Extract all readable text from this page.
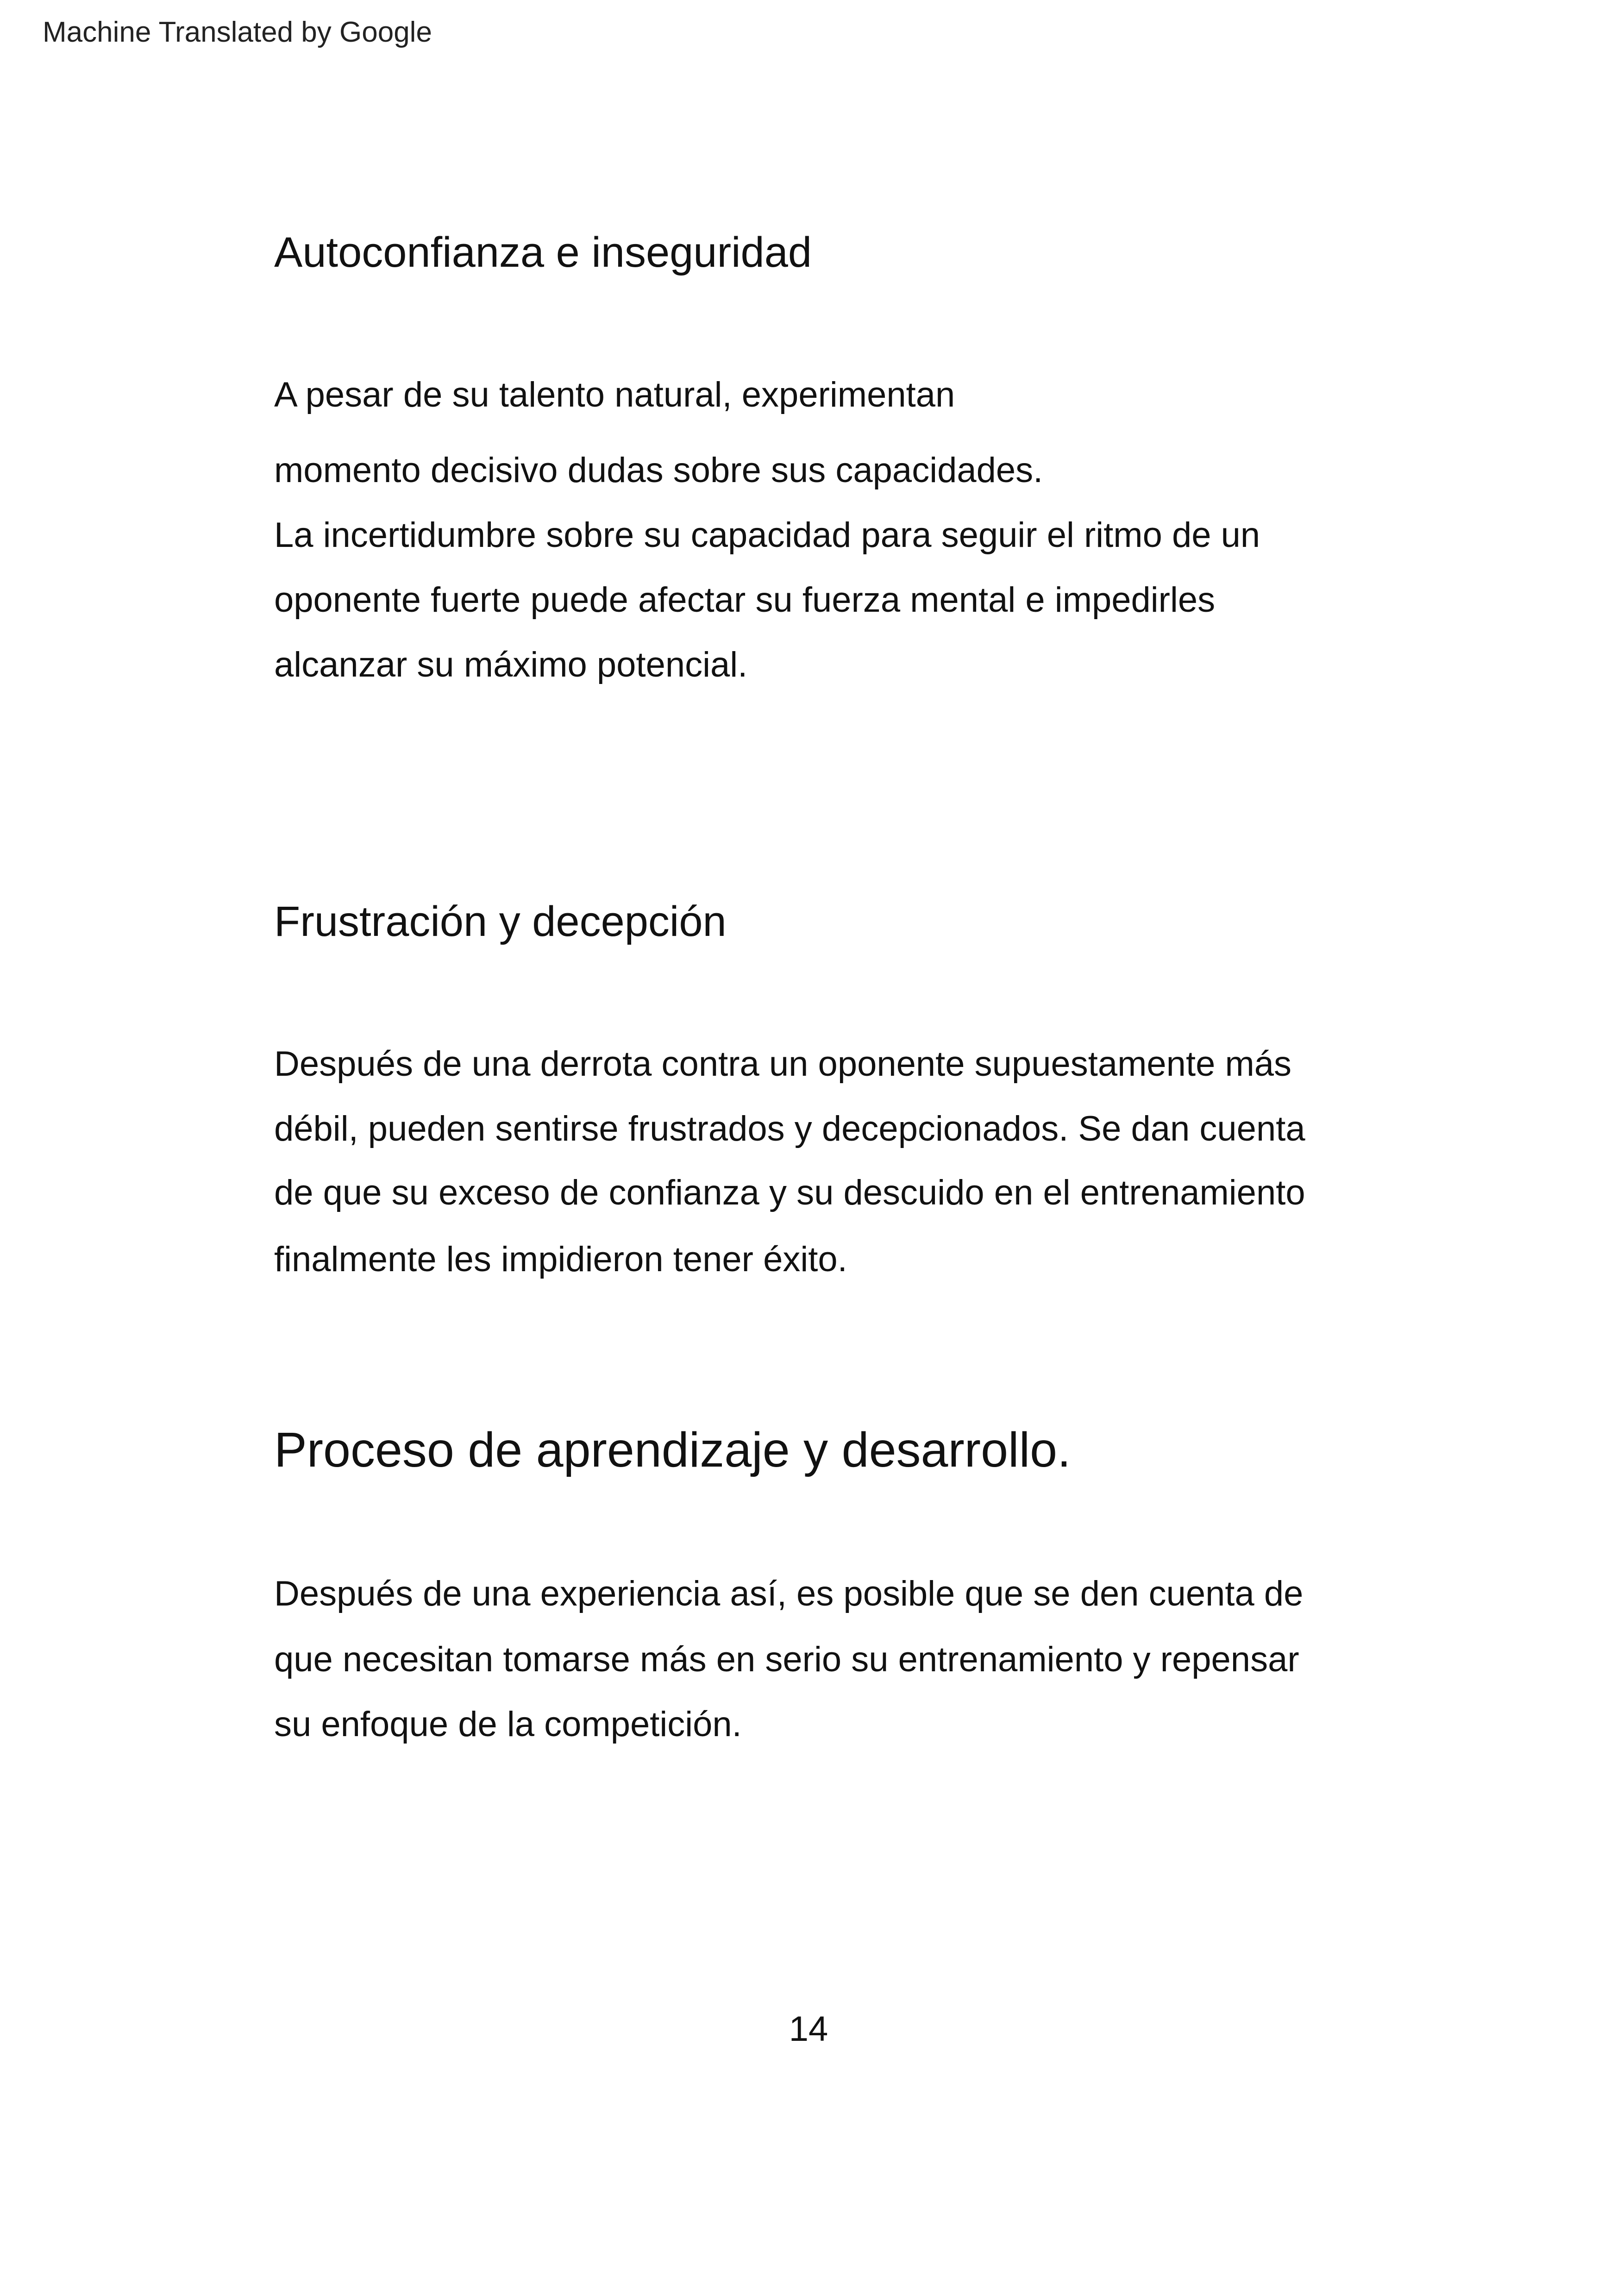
Machine Translated by Google
Autoconfianza e inseguridad

A pesar de su talento natural, experimentan

momento decisivo dudas sobre sus capacidades.

La incertidumbre sobre su capacidad para seguir el ritmo de un

oponente fuerte puede afectar su fuerza mental e impedirles

alcanzar su máximo potencial.

Frustración y decepción

Después de una derrota contra un oponente supuestamente más

débil, pueden sentirse frustrados y decepcionados. Se dan cuenta

de que su exceso de confianza y su descuido en el entrenamiento

finalmente les impidieron tener éxito.

Proceso de aprendizaje y desarrollo.

Después de una experiencia así, es posible que se den cuenta de

que necesitan tomarse más en serio su entrenamiento y repensar

su enfoque de la competición.

14
